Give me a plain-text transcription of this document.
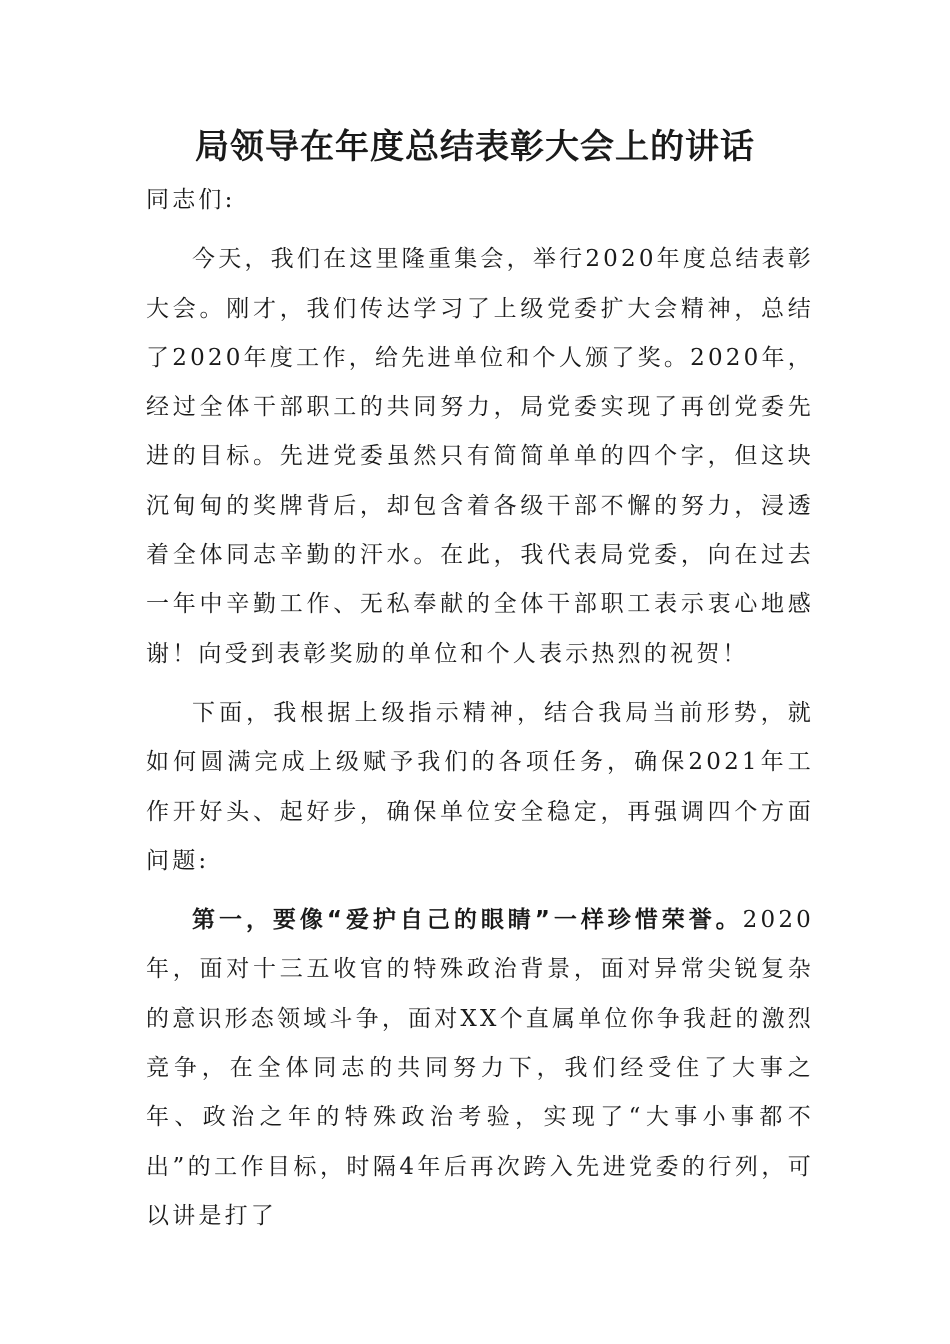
局领导在年度总结表彰大会上的讲话

同志们:

今天，我们在这里隆重集会，举行2020年度总结表彰大会。刚才，我们传达学习了上级党委扩大会精神，总结了2020年度工作，给先进单位和个人颁了奖。2020年，经过全体干部职工的共同努力，局党委实现了再创党委先进的目标。先进党委虽然只有简简单单的四个字，但这块沉甸甸的奖牌背后，却包含着各级干部不懈的努力，浸透着全体同志辛勤的汗水。在此，我代表局党委，向在过去一年中辛勤工作、无私奉献的全体干部职工表示衷心地感谢！向受到表彰奖励的单位和个人表示热烈的祝贺！

下面，我根据上级指示精神，结合我局当前形势，就如何圆满完成上级赋予我们的各项任务，确保2021年工作开好头、起好步，确保单位安全稳定，再强调四个方面问题:

第一，要像“爱护自己的眼睛”一样珍惜荣誉。2020年，面对十三五收官的特殊政治背景，面对异常尖锐复杂的意识形态领域斗争，面对XX个直属单位你争我赶的激烈竞争，在全体同志的共同努力下，我们经受住了大事之年、政治之年的特殊政治考验，实现了“大事小事都不出”的工作目标，时隔4年后再次跨入先进党委的行列，可以讲是打了
